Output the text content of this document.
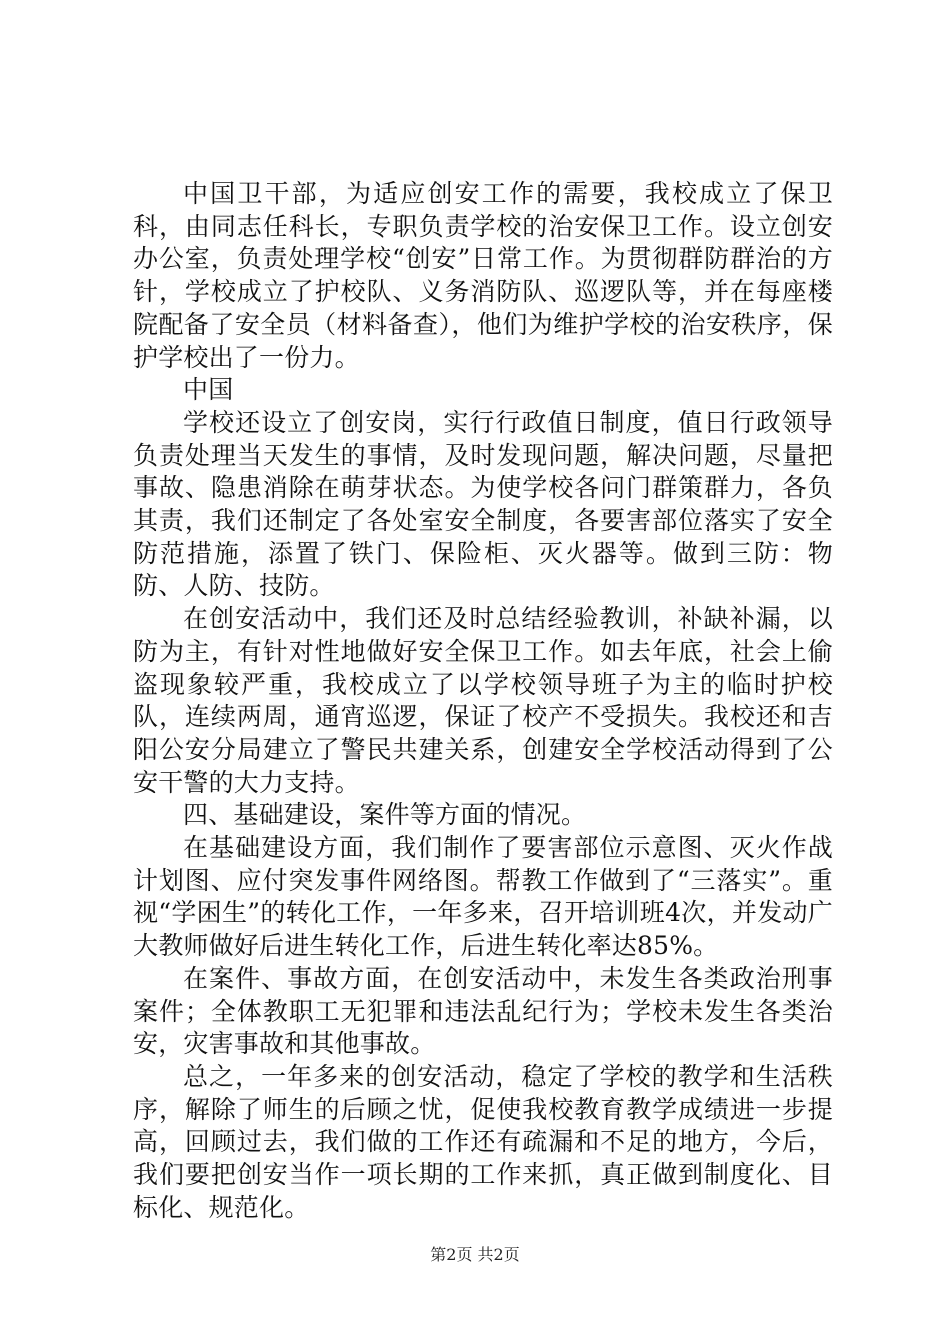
中国卫干部，为适应创安工作的需要，我校成立了保卫科，由同志任科长，专职负责学校的治安保卫工作。设立创安办公室，负责处理学校“创安”日常工作。为贯彻群防群治的方针，学校成立了护校队、义务消防队、巡逻队等，并在每座楼院配备了安全员（材料备查），他们为维护学校的治安秩序，保护学校出了一份力。

中国

学校还设立了创安岗，实行行政值日制度，值日行政领导负责处理当天发生的事情，及时发现问题，解决问题，尽量把事故、隐患消除在萌芽状态。为使学校各问门群策群力，各负其责，我们还制定了各处室安全制度，各要害部位落实了安全防范措施，添置了铁门、保险柜、灭火器等。做到三防：物防、人防、技防。

在创安活动中，我们还及时总结经验教训，补缺补漏，以防为主，有针对性地做好安全保卫工作。如去年底，社会上偷盗现象较严重，我校成立了以学校领导班子为主的临时护校队，连续两周，通宵巡逻，保证了校产不受损失。我校还和吉阳公安分局建立了警民共建关系，创建安全学校活动得到了公安干警的大力支持。

四、基础建设，案件等方面的情况。

在基础建设方面，我们制作了要害部位示意图、灭火作战计划图、应付突发事件网络图。帮教工作做到了“三落实”。重视“学困生”的转化工作，一年多来，召开培训班4次，并发动广大教师做好后进生转化工作，后进生转化率达85%。

在案件、事故方面，在创安活动中，未发生各类政治刑事案件；全体教职工无犯罪和违法乱纪行为；学校未发生各类治安，灾害事故和其他事故。

总之，一年多来的创安活动，稳定了学校的教学和生活秩序，解除了师生的后顾之忧，促使我校教育教学成绩进一步提高，回顾过去，我们做的工作还有疏漏和不足的地方，今后，我们要把创安当作一项长期的工作来抓，真正做到制度化、目标化、规范化。

第2页 共2页
